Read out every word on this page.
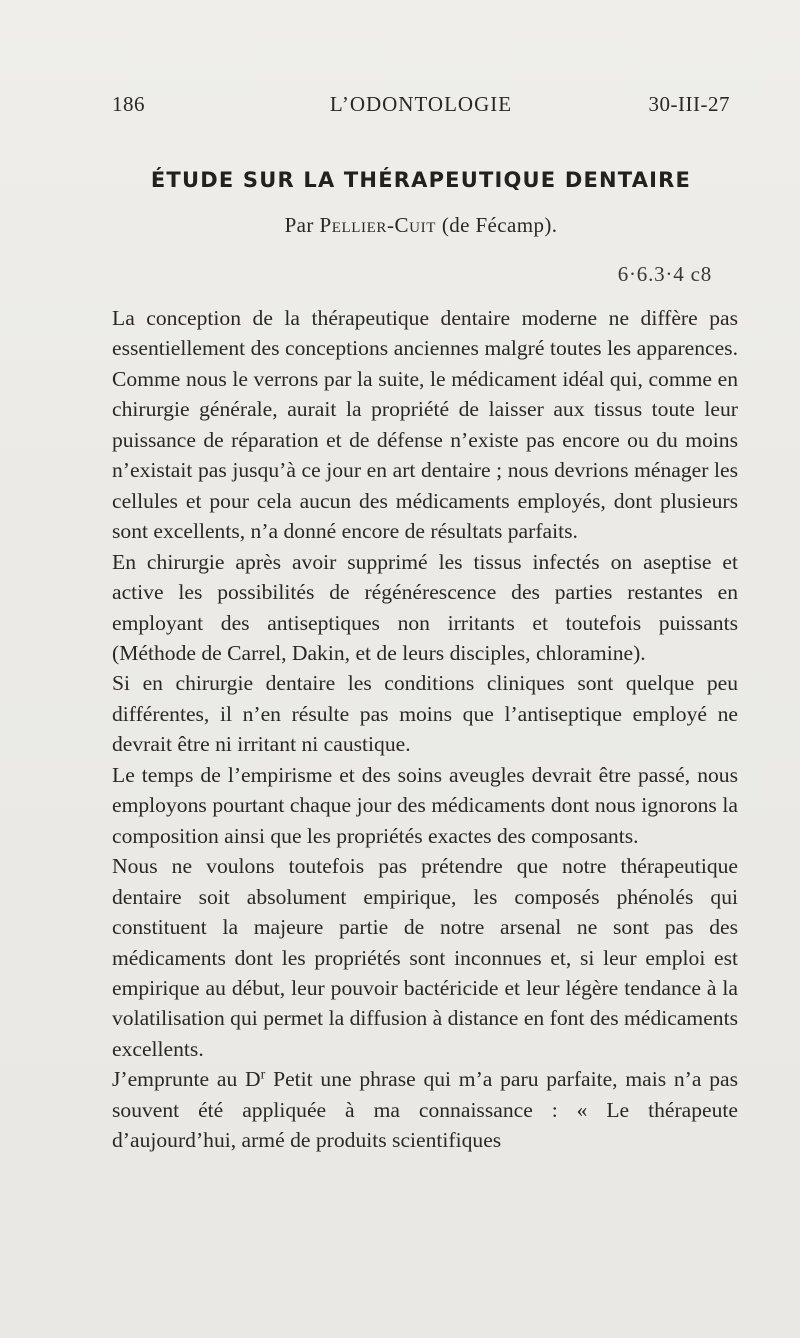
186	L’ODONTOLOGIE	30-III-27
ÉTUDE SUR LA THÉRAPEUTIQUE DENTAIRE
Par Pellier-Cuit (de Fécamp).
6·6.3·4 c8

La conception de la thérapeutique dentaire moderne ne diffère pas essentiellement des conceptions anciennes malgré toutes les apparences. Comme nous le verrons par la suite, le médicament idéal qui, comme en chirurgie générale, aurait la propriété de laisser aux tissus toute leur puissance de réparation et de défense n’existe pas encore ou du moins n’existait pas jusqu’à ce jour en art dentaire ; nous devrions ménager les cellules et pour cela aucun des médicaments employés, dont plusieurs sont excellents, n’a donné encore de résultats parfaits.

En chirurgie après avoir supprimé les tissus infectés on aseptise et active les possibilités de régénérescence des parties restantes en employant des antiseptiques non irritants et toutefois puissants (Méthode de Carrel, Dakin, et de leurs disciples, chloramine).

Si en chirurgie dentaire les conditions cliniques sont quelque peu différentes, il n’en résulte pas moins que l’antiseptique employé ne devrait être ni irritant ni caustique.

Le temps de l’empirisme et des soins aveugles devrait être passé, nous employons pourtant chaque jour des médicaments dont nous ignorons la composition ainsi que les propriétés exactes des composants.

Nous ne voulons toutefois pas prétendre que notre thérapeutique dentaire soit absolument empirique, les composés phénolés qui constituent la majeure partie de notre arsenal ne sont pas des médicaments dont les propriétés sont inconnues et, si leur emploi est empirique au début, leur pouvoir bactéricide et leur légère tendance à la volatilisation qui permet la diffusion à distance en font des médicaments excellents.

J’emprunte au $D^r$ Petit une phrase qui m’a paru parfaite, mais n’a pas souvent été appliquée à ma connaissance : « Le thérapeute d’aujourd’hui, armé de produits scientifiques
